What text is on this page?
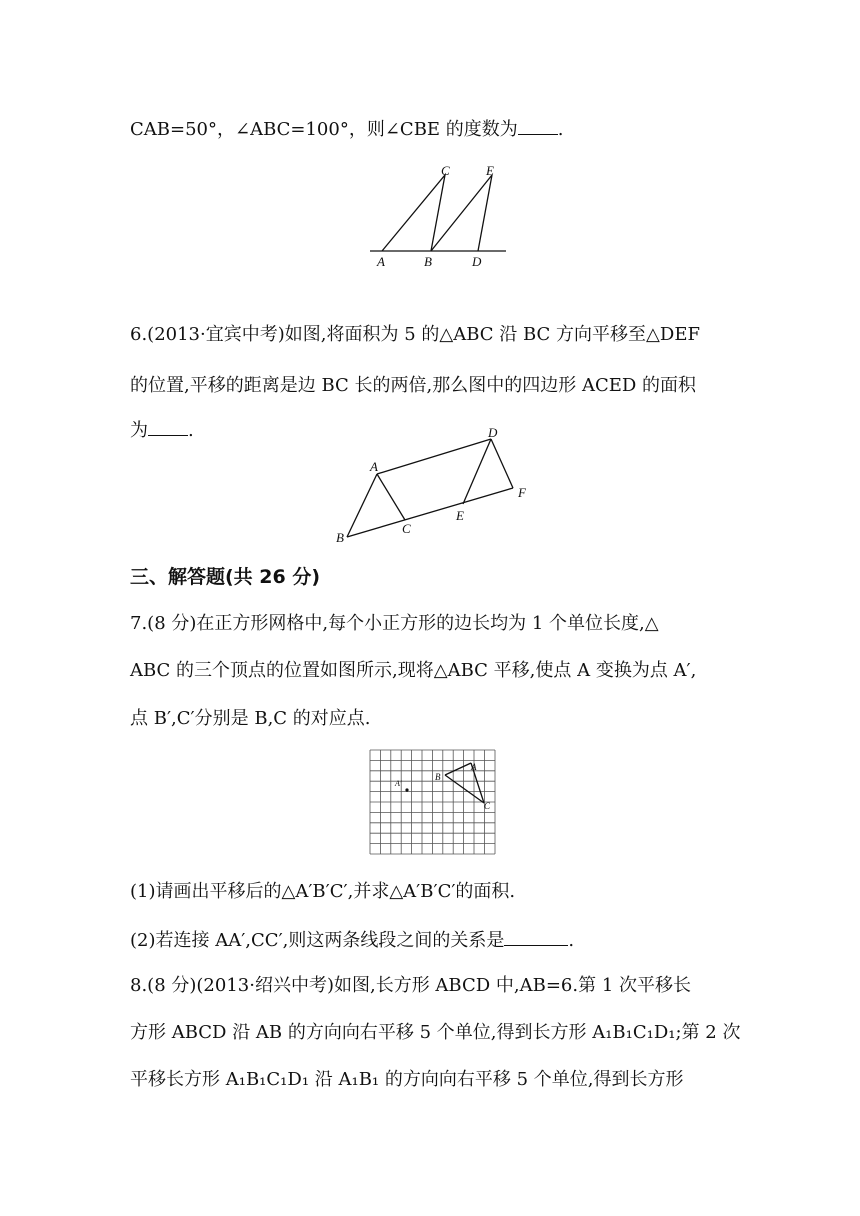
CAB=50°，∠ABC=100°，则∠CBE 的度数为 .
A	B	D
C	E
6.(2013·宜宾中考)如图,将面积为 5 的△ABC 沿 BC 方向平移至△DEF
的位置,平移的距离是边 BC 长的两倍,那么图中的四边形 ACED 的面积
为 .
A
B
C
D
E
F
三、解答题(共 26 分)
7.(8 分)在正方形网格中,每个小正方形的边长均为 1 个单位长度,△
ABC 的三个顶点的位置如图所示,现将△ABC 平移,使点 A 变换为点 A′,
点 B′,C′分别是 B,C 的对应点.
A
B
C
A′
(1)请画出平移后的△A′B′C′,并求△A′B′C′的面积.
(2)若连接 AA′,CC′,则这两条线段之间的关系是	.
8.(8 分)(2013·绍兴中考)如图,长方形 ABCD 中,AB=6.第 1 次平移长
方形 ABCD 沿 AB 的方向向右平移 5 个单位,得到长方形 A₁B₁C₁D₁;第 2 次
平移长方形 A₁B₁C₁D₁ 沿 A₁B₁ 的方向向右平移 5 个单位,得到长方形
